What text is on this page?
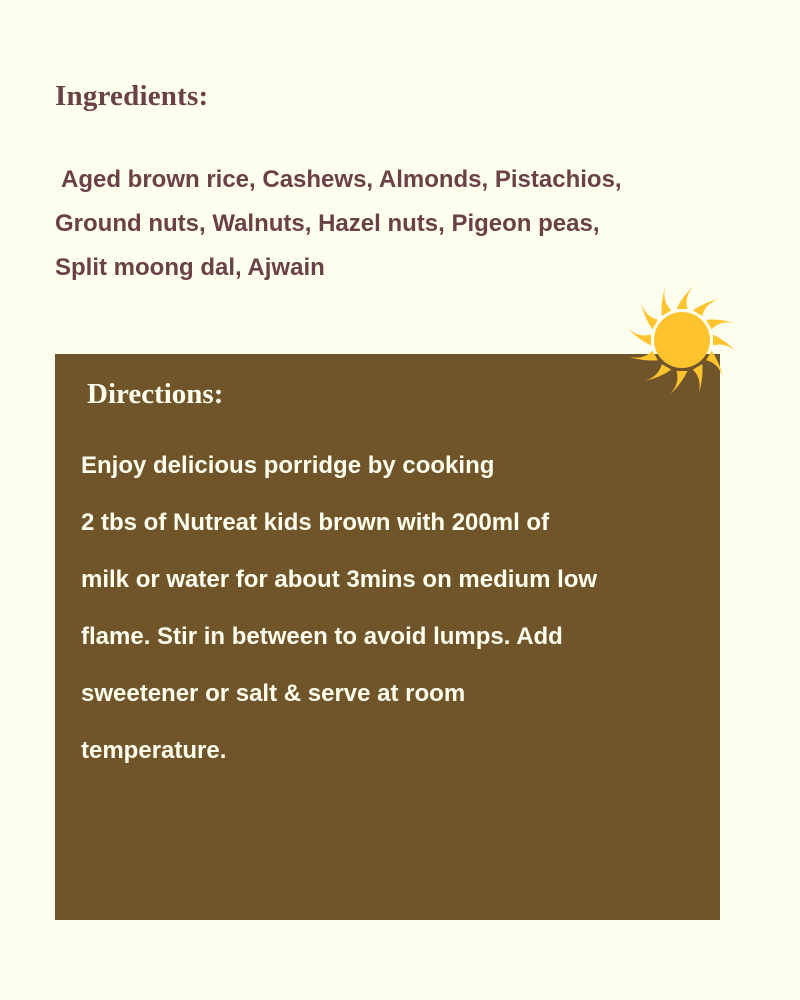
Ingredients:

Aged brown rice, Cashews, Almonds, Pistachios,
Ground nuts, Walnuts, Hazel nuts, Pigeon peas,
Split moong dal, Ajwain

Directions:

Enjoy delicious porridge by cooking
2 tbs of Nutreat kids brown with 200ml of
milk or water for about 3mins on medium low
flame. Stir in between to avoid lumps. Add
sweetener or salt & serve at room
temperature.
